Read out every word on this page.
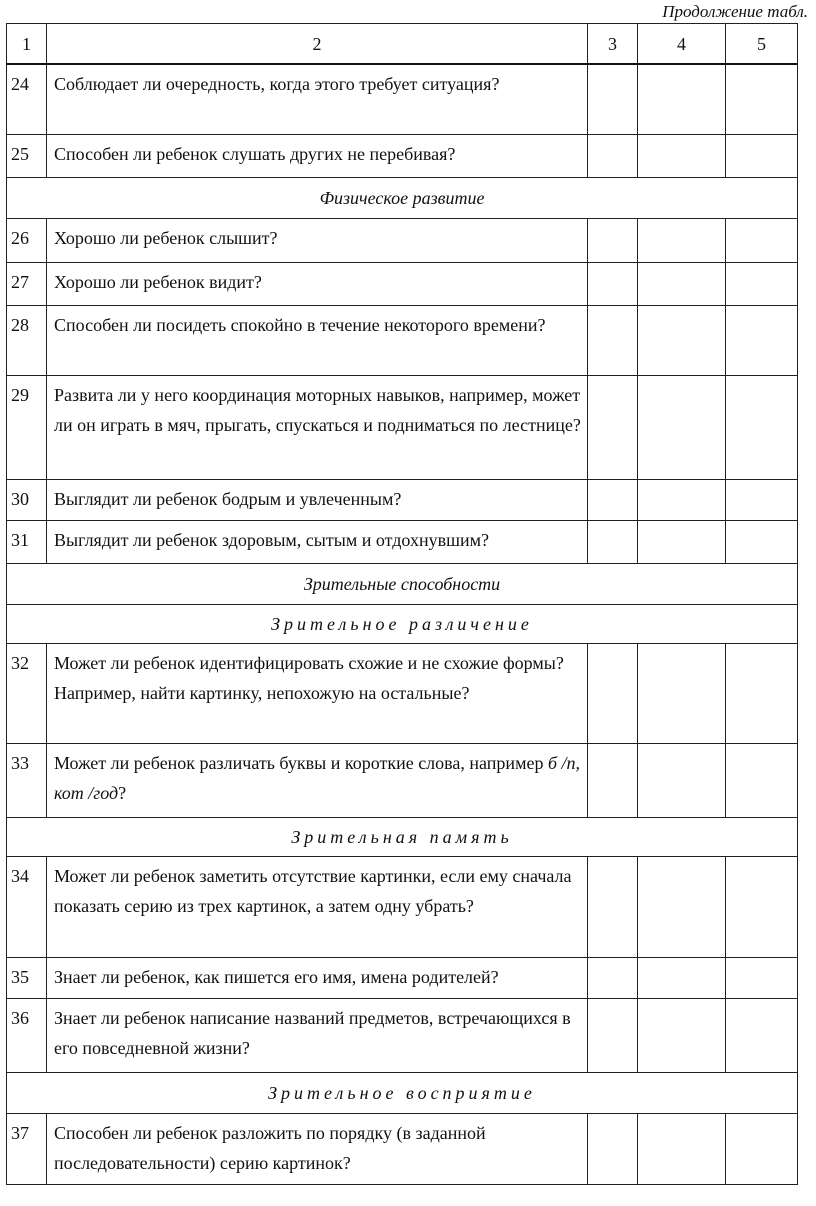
Продолжение табл.
1	2	3	4	5
24	Соблюдает ли очередность, когда этого требует ситуация?			
25	Способен ли ребенок слушать других не перебивая?			
Физическое развитие				
26	Хорошо ли ребенок слышит?			
27	Хорошо ли ребенок видит?			
28	Способен ли посидеть спокойно в течение некоторого времени?			
29	Развита ли у него координация моторных навыков, например, может ли он играть в мяч, прыгать, спускаться и подниматься по лестнице?			
30	Выглядит ли ребенок бодрым и увлеченным?			
31	Выглядит ли ребенок здоровым, сытым и отдохнувшим?			
Зрительные способности				
Зрительное различение				
32	Может ли ребенок идентифицировать схожие и не схожие формы? Например, найти картинку, непохожую на остальные?			
33	Может ли ребенок различать буквы и короткие слова, например б /п, кот /год?			
Зрительная память				
34	Может ли ребенок заметить отсутствие картинки, если ему сначала показать серию из трех картинок, а затем одну убрать?			
35	Знает ли ребенок, как пишется его имя, имена родителей?			
36	Знает ли ребенок написание названий предметов, встречающихся в его повседневной жизни?			
Зрительное восприятие				
37	Способен ли ребенок разложить по порядку (в заданной последовательности) серию картинок?			
